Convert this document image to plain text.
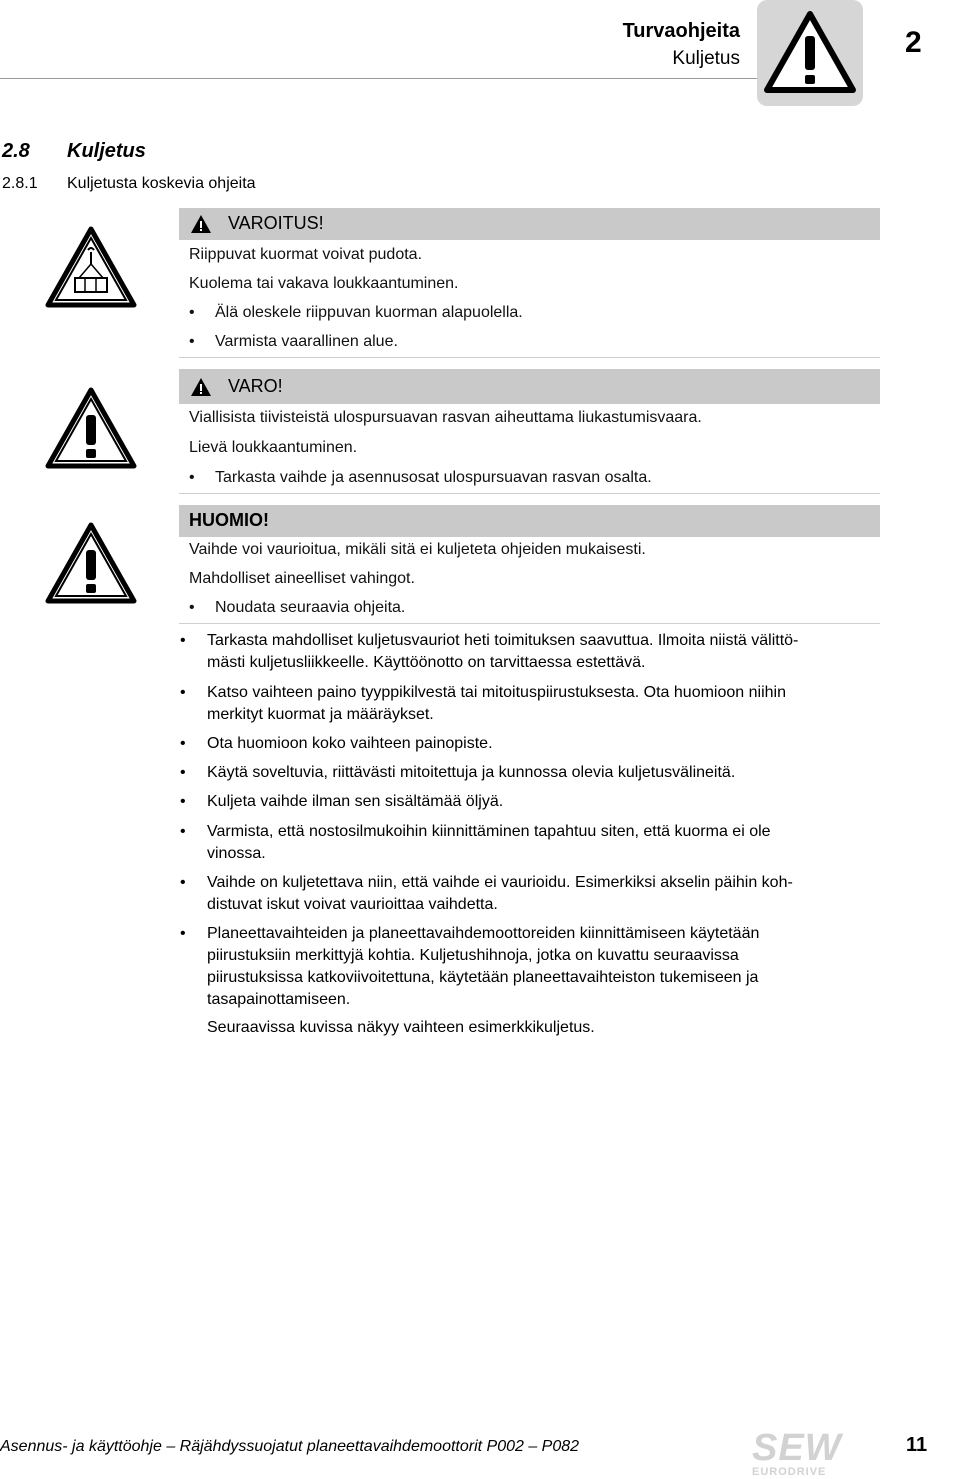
Turvaohjeita
Kuljetus	2
2.8 Kuljetus
2.8.1 Kuljetusta koskevia ohjeita
VAROITUS!
Riippuvat kuormat voivat pudota.
Kuolema tai vakava loukkaantuminen.
• Älä oleskele riippuvan kuorman alapuolella.
• Varmista vaarallinen alue.
VARO!
Viallisista tiivisteistä ulospursuavan rasvan aiheuttama liukastumisvaara.
Lievä loukkaantuminen.
• Tarkasta vaihde ja asennusosat ulospursuavan rasvan osalta.
HUOMIO!
Vaihde voi vaurioitua, mikäli sitä ei kuljeteta ohjeiden mukaisesti.
Mahdolliset aineelliset vahingot.
• Noudata seuraavia ohjeita.
• Tarkasta mahdolliset kuljetusvauriot heti toimituksen saavuttua. Ilmoita niistä välittö-
mästi kuljetusliikkeelle. Käyttöönotto on tarvittaessa estettävä.
• Katso vaihteen paino tyyppikilvestä tai mitoituspiirustuksesta. Ota huomioon niihin
merkityt kuormat ja määräykset.
• Ota huomioon koko vaihteen painopiste.
• Käytä soveltuvia, riittävästi mitoitettuja ja kunnossa olevia kuljetusvälineitä.
• Kuljeta vaihde ilman sen sisältämää öljyä.
• Varmista, että nostosilmukoihin kiinnittäminen tapahtuu siten, että kuorma ei ole
vinossa.
• Vaihde on kuljetettava niin, että vaihde ei vaurioidu. Esimerkiksi akselin päihin koh-
distuvat iskut voivat vaurioittaa vaihdetta.
• Planeettavaihteiden ja planeettavaihdemoottoreiden kiinnittämiseen käytetään
piirustuksiin merkittyjä kohtia. Kuljetushihnoja, jotka on kuvattu seuraavissa
piirustuksissa katkoviivoitettuna, käytetään planeettavaihteiston tukemiseen ja
tasapainottamiseen.
Seuraavissa kuvissa näkyy vaihteen esimerkkikuljetus.
Asennus- ja käyttöohje – Räjähdyssuojatut planeettavaihdemoottorit P002 – P082	SEW
EURODRIVE
11
